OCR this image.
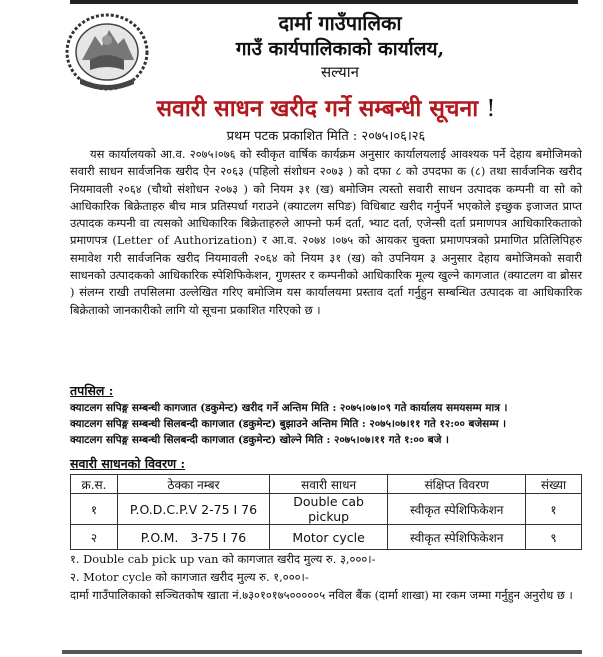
दार्मा गाउँपालिका
गाउँ कार्यपालिकाको कार्यालय,
सल्यान
सवारी साधन खरीद गर्ने सम्बन्धी सूचना !
प्रथम पटक प्रकाशित मिति : २०७५।०६।२६

यस कार्यालयको आ.व. २०७५।०७६ को स्वीकृत वार्षिक कार्यक्रम अनुसार कार्यालयलाई आवश्यक पर्ने देहाय बमोजिमको सवारी साधन सार्वजनिक खरीद ऐन २०६३ (पहिलो संशोधन २०७३ ) को दफा ८ को उपदफा क (८) तथा सार्वजनिक खरीद नियमावली २०६४ (चौथो संशोधन २०७३ ) को नियम ३१ (ख) बमोजिम त्यस्तो सवारी साधन उत्पादक कम्पनी वा सो को आधिकारिक बिक्रेताहरु बीच मात्र प्रतिस्पर्धा गराउने (क्याटलग सपिङ) विधिबाट खरीद गर्नुपर्ने भएकोले इच्छुक इजाजत प्राप्त उत्पादक कम्पनी वा त्यसको आधिकारिक बिक्रेताहरुले आफ्नो फर्म दर्ता, भ्याट दर्ता, एजेन्सी दर्ता प्रमाणपत्र आधिकारिकताको प्रमाणपत्र (Letter of Authorization) र आ.व. २०७४ ।०७५ को आयकर चुक्ता प्रमाणपत्रको प्रमाणित प्रतिलिपिहरु समावेश गरी सार्वजनिक खरीद नियमावली २०६४ को नियम ३१ (ख) को उपनियम ३ अनुसार देहाय बमोजिमको सवारी साधनको उत्पादकको आधिकारिक स्पेशिफिकेशन, गुणस्तर र कम्पनीको आधिकारिक मूल्य खुल्ने कागजात (क्याटलग वा ब्रोसर ) संलग्न राखी तपसिलमा उल्लेखित गरिए बमोजिम यस कार्यालयमा प्रस्ताव दर्ता गर्नुहुन सम्बन्धित उत्पादक वा आधिकारिक बिक्रेताको जानकारीको लागि यो सूचना प्रकाशित गरिएको छ ।

तपसिल :
क्याटलग सपिङ्ग सम्बन्धी कागजात (डकुमेन्ट) खरीद गर्ने अन्तिम मिति : २०७५।०७।०९ गते कार्यालय समयसम्म मात्र ।
क्याटलग सपिङ्ग सम्बन्धी सिलबन्दी कागजात (डकुमेन्ट) बुझाउने अन्तिम मिति : २०७५।०७।११ गते १२:०० बजेसम्म ।
क्याटलग सपिङ्ग सम्बन्धी सिलबन्दी कागजात (डकुमेन्ट) खोल्ने मिति : २०७५।०७।११ गते १:०० बजे ।
सवारी साधनको विवरण :
क्र.स.	ठेक्का नम्बर	सवारी साधन	संक्षिप्त विवरण	संख्या
१	P.O.D.C.P.V 2-75 I 76	Double cab pickup	स्वीकृत स्पेशिफिकेशन	१
२	P.O.M.   3-75 I 76	Motor cycle	स्वीकृत स्पेशिफिकेशन	९

१. Double cab pick up van को कागजात खरीद मुल्य रु. ३,०००।-

२. Motor cycle को कागजात खरीद मुल्य रु. १,०००।-

दार्मा गाउँपालिकाको सञ्चितकोष खाता नं.७३०१०१७५०००००५ नविल बैंक (दार्मा शाखा) मा रकम जम्मा गर्नुहुन अनुरोध छ ।
